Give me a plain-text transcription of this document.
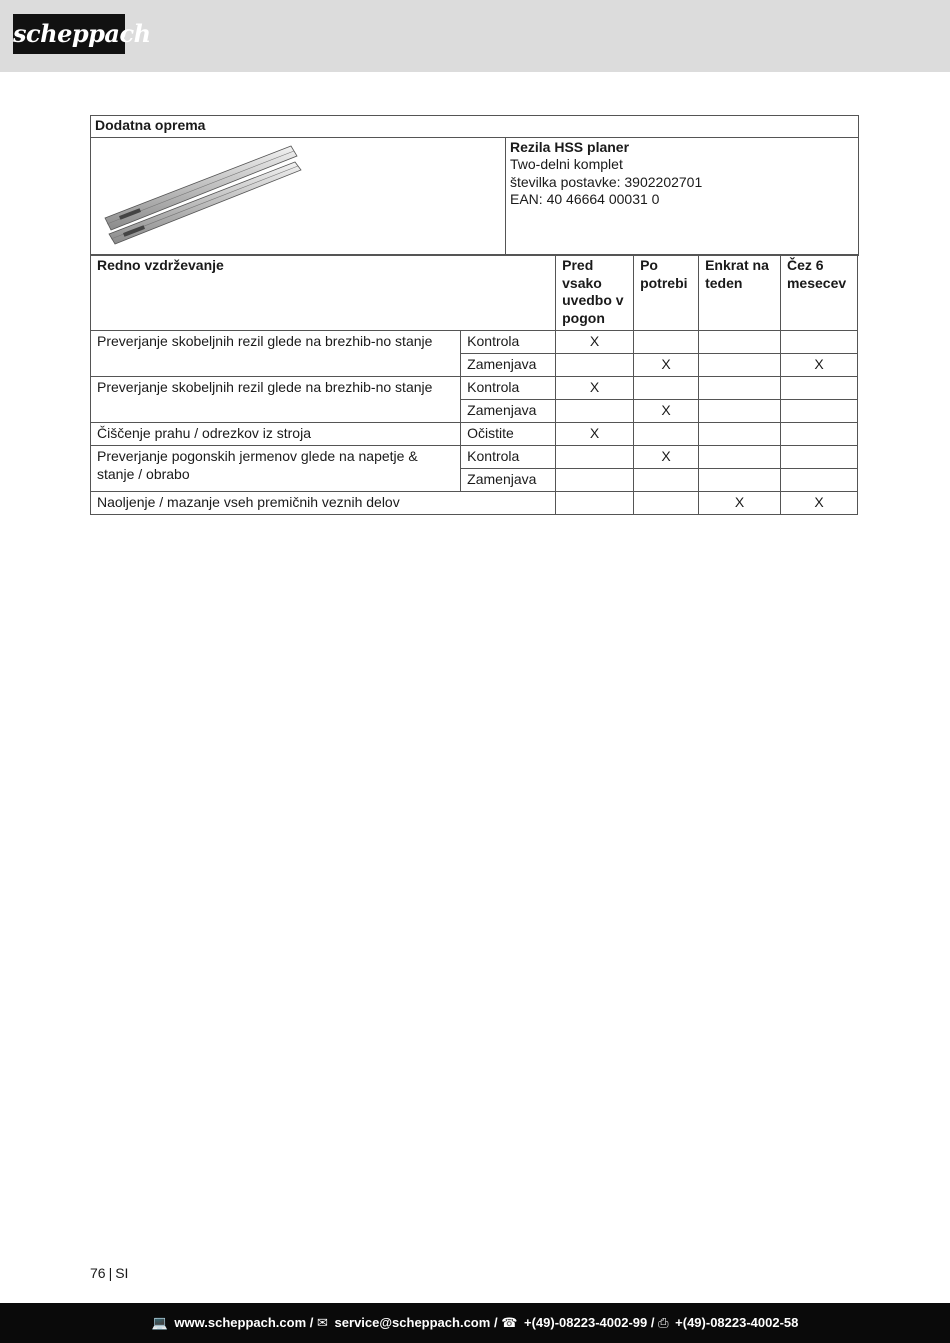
scheppach
Dodatna oprema

Rezila HSS planer
Two-delni komplet
številka postavke: 3902202701
EAN: 40 46664 00031 0
Redno vzdrževanje		Pred vsako uvedbo v pogon	Po potrebi	Enkrat na teden	Čez 6 mesecev
Preverjanje skobeljnih rezil glede na brezhib-no stanje	Kontrola	X			
	Zamenjava		X		X
Preverjanje skobeljnih rezil glede na brezhib-no stanje	Kontrola	X			
	Zamenjava		X		
Čiščenje prahu / odrezkov iz stroja	Očistite	X			
Preverjanje pogonskih jermenov glede na napetje & stanje / obrabo	Kontrola		X		
	Zamenjava				
Naoljenje / mazanje vseh premičnih veznih delov				X	X
76 | SI
💻 www.scheppach.com / ✉ service@scheppach.com / ☎ +(49)-08223-4002-99 / ⎙ +(49)-08223-4002-58
